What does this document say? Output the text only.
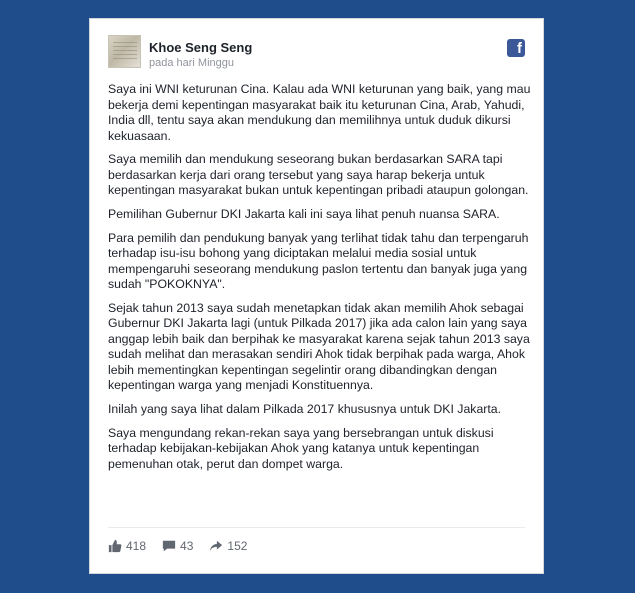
Khoe Seng Seng
pada hari Minggu
f

Saya ini WNI keturunan Cina. Kalau ada WNI keturunan yang baik, yang mau bekerja demi kepentingan masyarakat baik itu keturunan Cina, Arab, Yahudi, India dll, tentu saya akan mendukung dan memilihnya untuk duduk dikursi kekuasaan.

Saya memilih dan mendukung seseorang bukan berdasarkan SARA tapi berdasarkan kerja dari orang tersebut yang saya harap bekerja untuk kepentingan masyarakat bukan untuk kepentingan pribadi ataupun golongan.

Pemilihan Gubernur DKI Jakarta kali ini saya lihat penuh nuansa SARA.

Para pemilih dan pendukung banyak yang terlihat tidak tahu dan terpengaruh terhadap isu-isu bohong yang diciptakan melalui media sosial untuk mempengaruhi seseorang mendukung paslon tertentu dan banyak juga yang sudah "POKOKNYA".

Sejak tahun 2013 saya sudah menetapkan tidak akan memilih Ahok sebagai Gubernur DKI Jakarta lagi (untuk Pilkada 2017) jika ada calon lain yang saya anggap lebih baik dan berpihak ke masyarakat karena sejak tahun 2013 saya sudah melihat dan merasakan sendiri Ahok tidak berpihak pada warga, Ahok lebih mementingkan kepentingan segelintir orang dibandingkan dengan kepentingan warga yang menjadi Konstituennya.

Inilah yang saya lihat dalam Pilkada 2017 khususnya untuk DKI Jakarta.

Saya mengundang rekan-rekan saya yang bersebrangan untuk diskusi terhadap kebijakan-kebijakan Ahok yang katanya untuk kepentingan pemenuhan otak, perut dan dompet warga.

418	43	152
